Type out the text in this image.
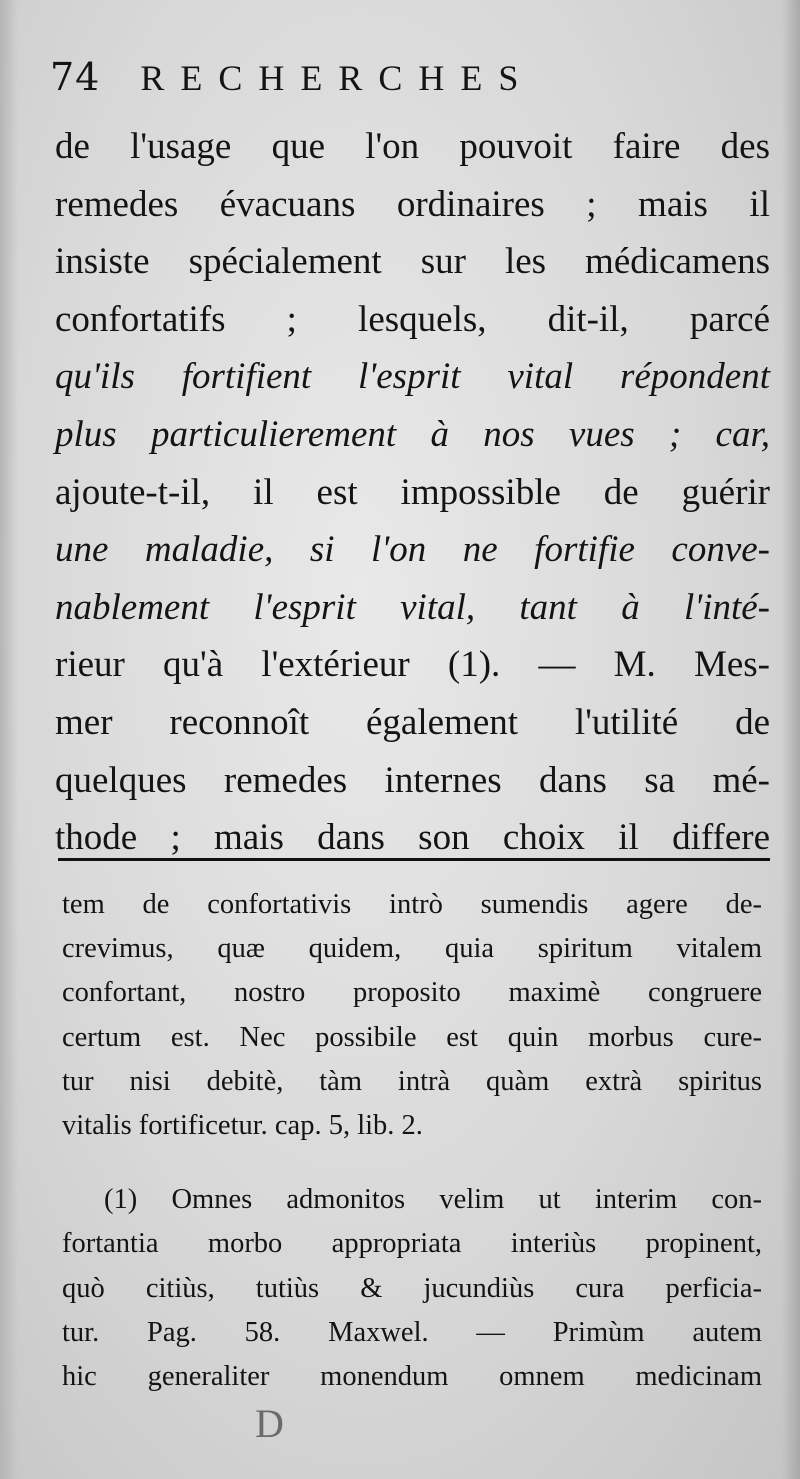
74 RECHERCHES
de l'usage que l'on pouvoit faire des
remedes évacuans ordinaires ; mais il
insiste spécialement sur les médicamens
confortatifs ; lesquels, dit-il, parcé
qu'ils fortifient l'esprit vital répondent
plus particulierement à nos vues ; car,
ajoute-t-il, il est impossible de guérir
une maladie, si l'on ne fortifie conve-
nablement l'esprit vital, tant à l'inté-
rieur qu'à l'extérieur (1). — M. Mes-
mer reconnoît également l'utilité de
quelques remedes internes dans sa mé-
thode ; mais dans son choix il differe
tem de confortativis intrò sumendis agere de-
crevimus, quæ quidem, quia spiritum vitalem
confortant, nostro proposito maximè congruere
certum est. Nec possibile est quin morbus cure-
tur nisi debitè, tàm intrà quàm extrà spiritus
vitalis fortificetur. cap. 5, lib. 2.
(1) Omnes admonitos velim ut interim con-
fortantia morbo appropriata interiùs propinent,
quò citiùs, tutiùs & jucundiùs cura perficia-
tur. Pag. 58. Maxwel. — Primùm autem
hic generaliter monendum omnem medicinam
D
